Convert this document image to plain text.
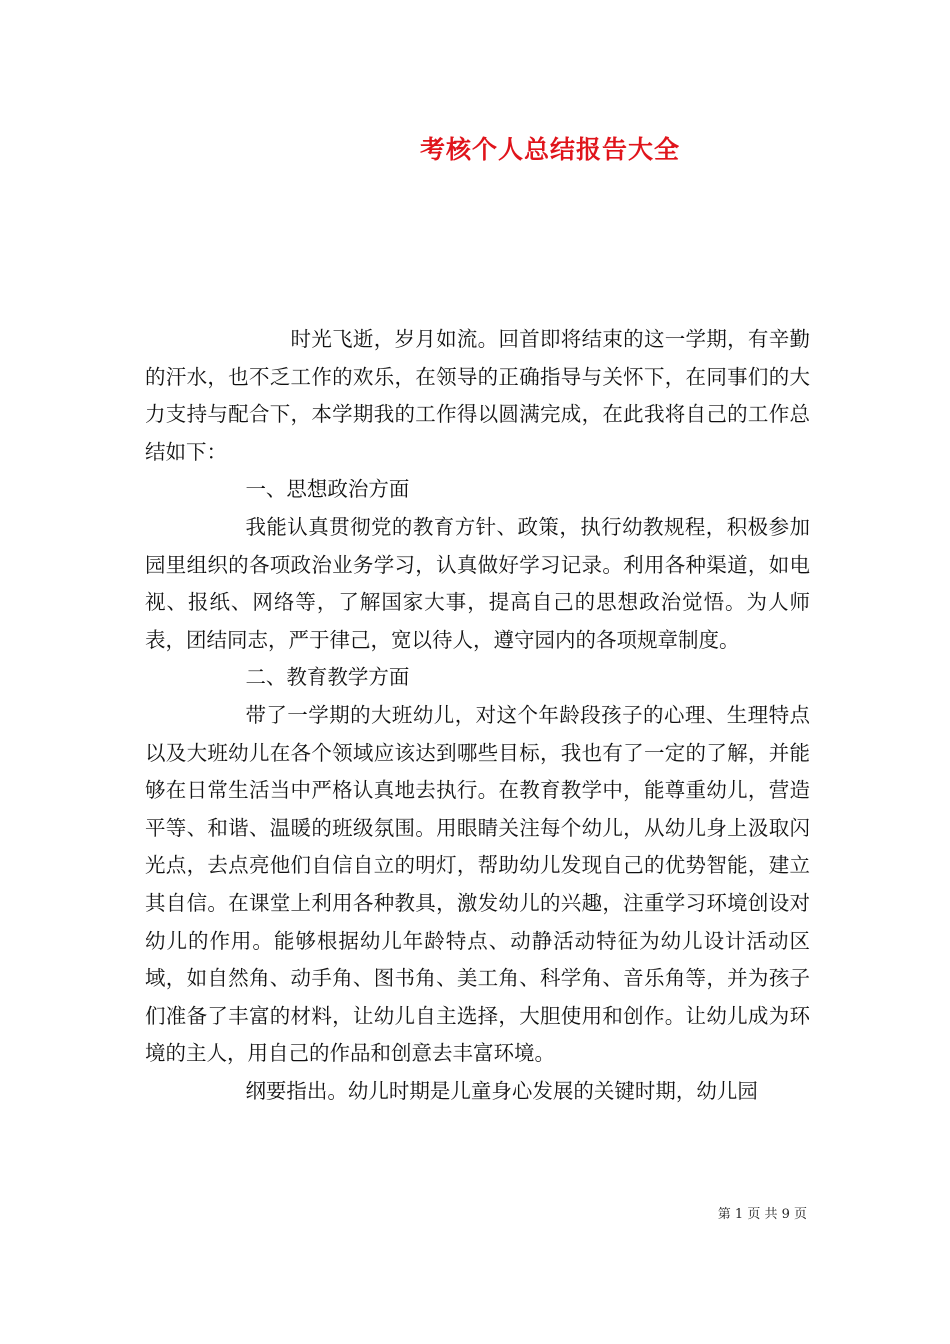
考核个人总结报告大全

时光飞逝，岁月如流。回首即将结束的这一学期，有辛勤的汗水，也不乏工作的欢乐，在领导的正确指导与关怀下，在同事们的大力支持与配合下，本学期我的工作得以圆满完成，在此我将自己的工作总结如下：

一、思想政治方面

我能认真贯彻党的教育方针、政策，执行幼教规程，积极参加园里组织的各项政治业务学习，认真做好学习记录。利用各种渠道，如电视、报纸、网络等，了解国家大事，提高自己的思想政治觉悟。为人师表，团结同志，严于律己，宽以待人，遵守园内的各项规章制度。

二、教育教学方面

带了一学期的大班幼儿，对这个年龄段孩子的心理、生理特点以及大班幼儿在各个领域应该达到哪些目标，我也有了一定的了解，并能够在日常生活当中严格认真地去执行。在教育教学中，能尊重幼儿，营造平等、和谐、温暖的班级氛围。用眼睛关注每个幼儿，从幼儿身上汲取闪光点，去点亮他们自信自立的明灯，帮助幼儿发现自己的优势智能，建立其自信。在课堂上利用各种教具，激发幼儿的兴趣，注重学习环境创设对幼儿的作用。能够根据幼儿年龄特点、动静活动特征为幼儿设计活动区域，如自然角、动手角、图书角、美工角、科学角、音乐角等，并为孩子们准备了丰富的材料，让幼儿自主选择，大胆使用和创作。让幼儿成为环境的主人，用自己的作品和创意去丰富环境。

纲要指出。幼儿时期是儿童身心发展的关键时期，幼儿园

第 1 页 共 9 页
